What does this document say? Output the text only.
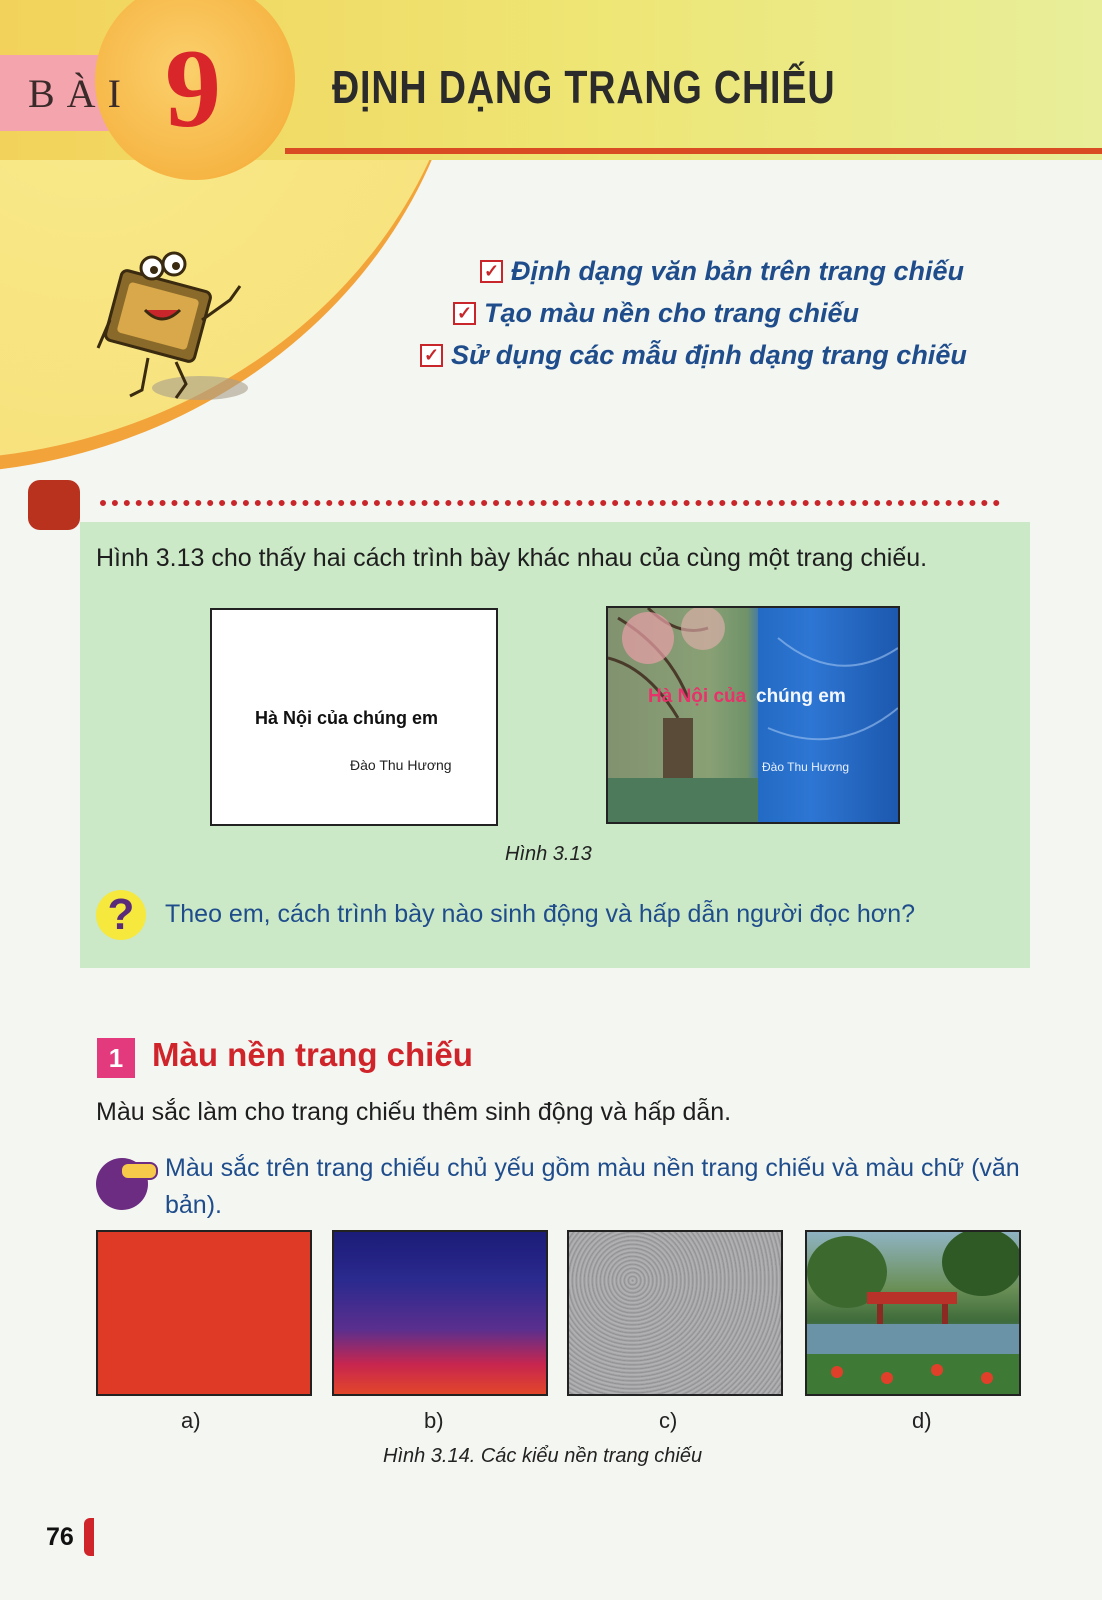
BÀI 9 ĐỊNH DẠNG TRANG CHIẾU
✓ Định dạng văn bản trên trang chiếu
✓ Tạo màu nền cho trang chiếu
✓ Sử dụng các mẫu định dạng trang chiếu
Hình 3.13 cho thấy hai cách trình bày khác nhau của cùng một trang chiếu.
Hà Nội của chúng em
Đào Thu Hương
Hà Nội của chúng em
Đào Thu Hương
Hình 3.13
?	Theo em, cách trình bày nào sinh động và hấp dẫn người đọc hơn?
1 Màu nền trang chiếu
Màu sắc làm cho trang chiếu thêm sinh động và hấp dẫn.
Màu sắc trên trang chiếu chủ yếu gồm màu nền trang chiếu và màu chữ (văn bản).
a)	b)	c)	d)
Hình 3.14. Các kiểu nền trang chiếu
76
